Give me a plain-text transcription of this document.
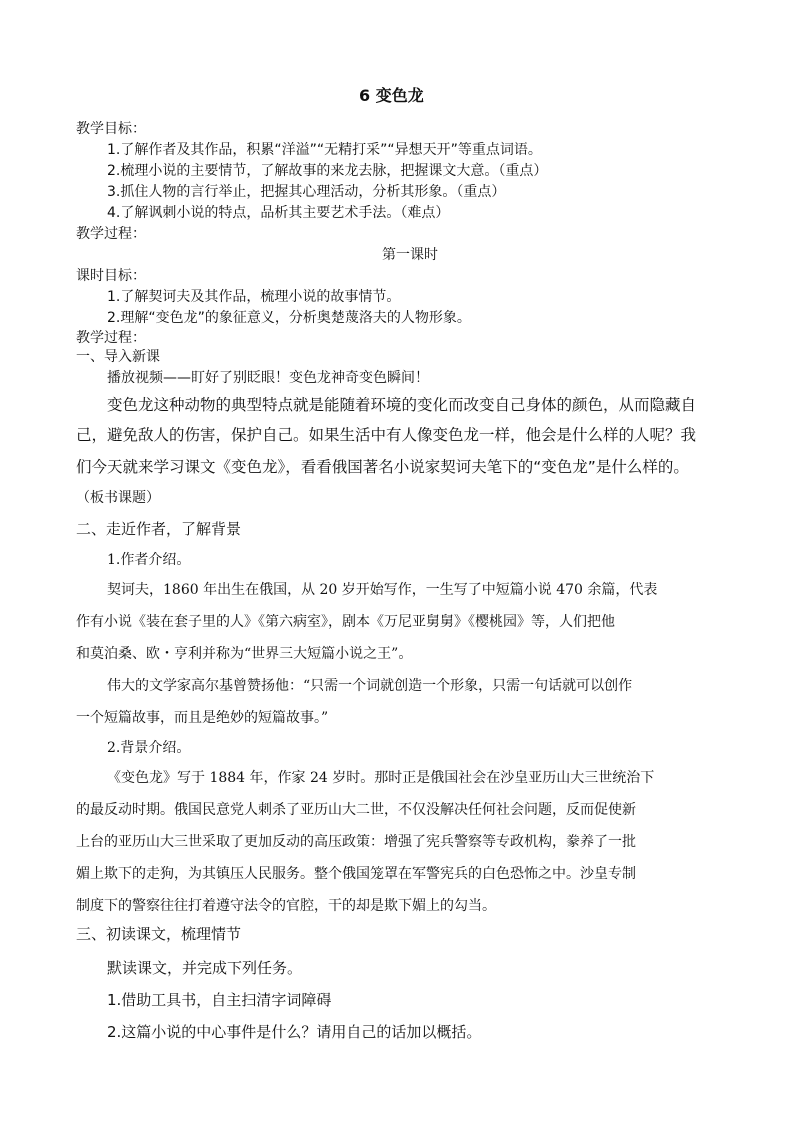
6 变色龙
教学目标：
1.了解作者及其作品，积累“洋溢”“无精打采”“异想天开”等重点词语。
2.梳理小说的主要情节，了解故事的来龙去脉，把握课文大意。（重点）
3.抓住人物的言行举止，把握其心理活动，分析其形象。（重点）
4.了解讽刺小说的特点，品析其主要艺术手法。（难点）
教学过程：
第一课时
课时目标：
1.了解契诃夫及其作品，梳理小说的故事情节。
2.理解“变色龙”的象征意义，分析奥楚蔑洛夫的人物形象。
教学过程：
一、导入新课
播放视频——盯好了别眨眼！变色龙神奇变色瞬间！
变色龙这种动物的典型特点就是能随着环境的变化而改变自己身体的颜色，从而隐藏自
己，避免敌人的伤害，保护自己。如果生活中有人像变色龙一样，他会是什么样的人呢？我
们今天就来学习课文《变色龙》，看看俄国著名小说家契诃夫笔下的“变色龙”是什么样的。
（板书课题）
二、走近作者，了解背景
1.作者介绍。
契诃夫，1860 年出生在俄国，从 20 岁开始写作，一生写了中短篇小说 470 余篇，代表
作有小说《装在套子里的人》《第六病室》，剧本《万尼亚舅舅》《樱桃园》等，人们把他
和莫泊桑、欧・亨利并称为“世界三大短篇小说之王”。
伟大的文学家高尔基曾赞扬他：“只需一个词就创造一个形象，只需一句话就可以创作
一个短篇故事，而且是绝妙的短篇故事。”
2.背景介绍。
《变色龙》写于 1884 年，作家 24 岁时。那时正是俄国社会在沙皇亚历山大三世统治下
的最反动时期。俄国民意党人刺杀了亚历山大二世，不仅没解决任何社会问题，反而促使新
上台的亚历山大三世采取了更加反动的高压政策：增强了宪兵警察等专政机构，豢养了一批
媚上欺下的走狗，为其镇压人民服务。整个俄国笼罩在军警宪兵的白色恐怖之中。沙皇专制
制度下的警察往往打着遵守法令的官腔，干的却是欺下媚上的勾当。
三、初读课文，梳理情节
默读课文，并完成下列任务。
1.借助工具书，自主扫清字词障碍
2.这篇小说的中心事件是什么？请用自己的话加以概括。
